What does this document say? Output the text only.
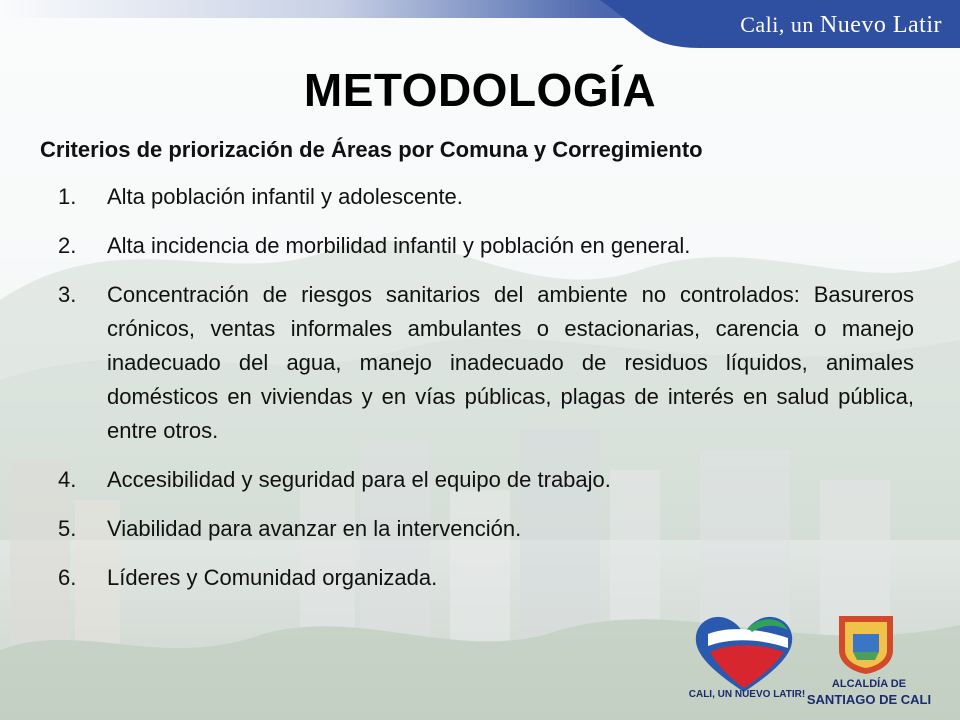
Cali, un Nuevo Latir
METODOLOGÍA
Criterios de priorización de Áreas por Comuna y Corregimiento
1. Alta población infantil y adolescente.
2. Alta incidencia de morbilidad infantil y población en general.
3. Concentración de riesgos sanitarios del ambiente no controlados: Basureros crónicos, ventas informales ambulantes o estacionarias, carencia o manejo inadecuado del agua, manejo inadecuado de residuos líquidos, animales domésticos en viviendas y en vías públicas, plagas de interés en salud pública, entre otros.
4. Accesibilidad y seguridad para el equipo de trabajo.
5. Viabilidad para avanzar en la intervención.
6. Líderes y Comunidad organizada.
CALI, UN NUEVO LATIR!
ALCALDÍA DE
SANTIAGO DE CALI
